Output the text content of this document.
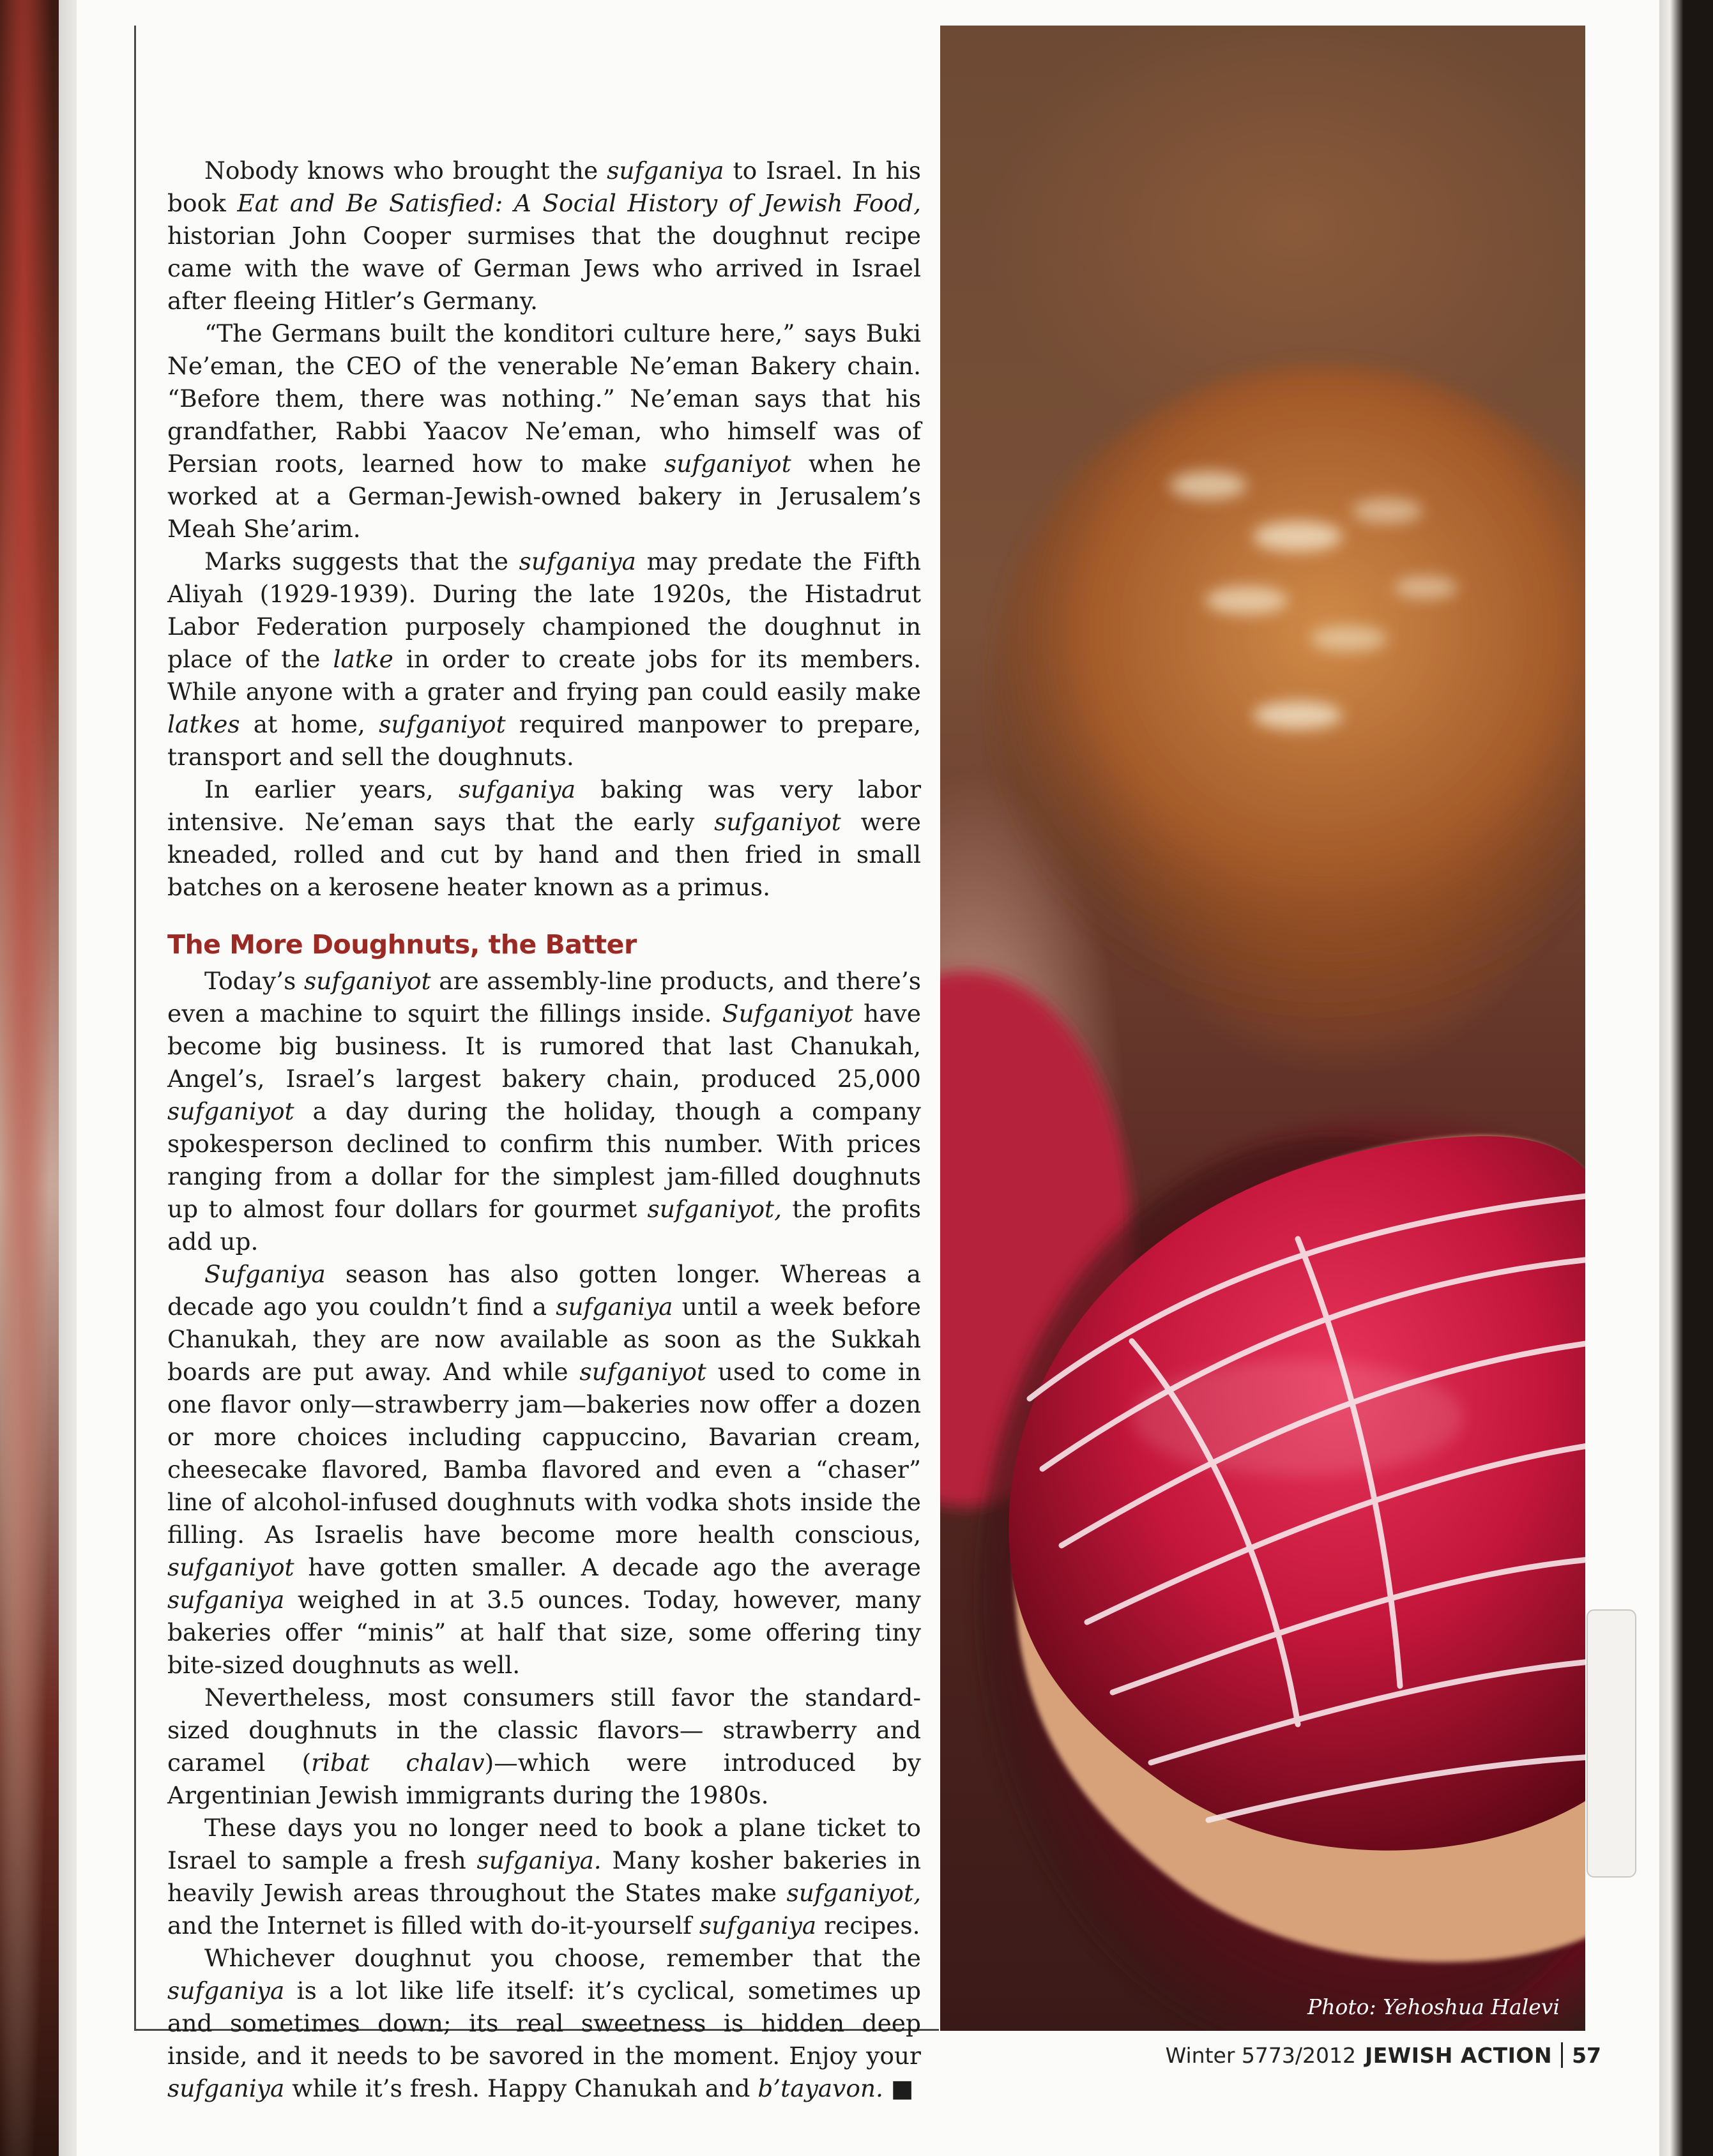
Nobody knows who brought the sufganiya to Israel. In his book Eat and Be Satisfied: A Social History of Jewish Food, historian John Cooper surmises that the doughnut recipe came with the wave of German Jews who arrived in Israel after fleeing Hitler’s Germany.

“The Germans built the konditori culture here,” says Buki Ne’eman, the CEO of the venerable Ne’eman Bakery chain. “Before them, there was nothing.” Ne’eman says that his grandfather, Rabbi Yaacov Ne’eman, who himself was of Persian roots, learned how to make sufganiyot when he worked at a German-Jewish-owned bakery in Jerusalem’s Meah She’arim.

Marks suggests that the sufganiya may predate the Fifth Aliyah (1929-1939). During the late 1920s, the Histadrut Labor Federation purposely championed the doughnut in place of the latke in order to create jobs for its members. While anyone with a grater and frying pan could easily make latkes at home, sufganiyot required manpower to prepare, transport and sell the doughnuts.

In earlier years, sufganiya baking was very labor intensive. Ne’eman says that the early sufganiyot were kneaded, rolled and cut by hand and then fried in small batches on a kerosene heater known as a primus.

The More Doughnuts, the Batter

Today’s sufganiyot are assembly-line products, and there’s even a machine to squirt the fillings inside. Sufganiyot have become big business. It is rumored that last Chanukah, Angel’s, Israel’s largest bakery chain, produced 25,000 sufganiyot a day during the holiday, though a company spokesperson declined to confirm this number. With prices ranging from a dollar for the simplest jam-filled doughnuts up to almost four dollars for gourmet sufganiyot, the profits add up.

Sufganiya season has also gotten longer. Whereas a decade ago you couldn’t find a sufganiya until a week before Chanukah, they are now available as soon as the Sukkah boards are put away. And while sufganiyot used to come in one flavor only—strawberry jam—bakeries now offer a dozen or more choices including cappuccino, Bavarian cream, cheesecake flavored, Bamba flavored and even a “chaser” line of alcohol-infused doughnuts with vodka shots inside the filling. As Israelis have become more health conscious, sufganiyot have gotten smaller. A decade ago the average sufganiya weighed in at 3.5 ounces. Today, however, many bakeries offer “minis” at half that size, some offering tiny bite-sized doughnuts as well.

Nevertheless, most consumers still favor the standard-sized doughnuts in the classic flavors— strawberry and caramel (ribat chalav)—which were introduced by Argentinian Jewish immigrants during the 1980s.

These days you no longer need to book a plane ticket to Israel to sample a fresh sufganiya. Many kosher bakeries in heavily Jewish areas throughout the States make sufganiyot, and the Internet is filled with do-it-yourself sufganiya recipes.

Whichever doughnut you choose, remember that the sufganiya is a lot like life itself: it’s cyclical, sometimes up and sometimes down; its real sweetness is hidden deep inside, and it needs to be savored in the moment. Enjoy your sufganiya while it’s fresh. Happy Chanukah and b’tayavon. ■

Photo: Yehoshua Halevi
Winter 5773/2012 JEWISH ACTION 57
